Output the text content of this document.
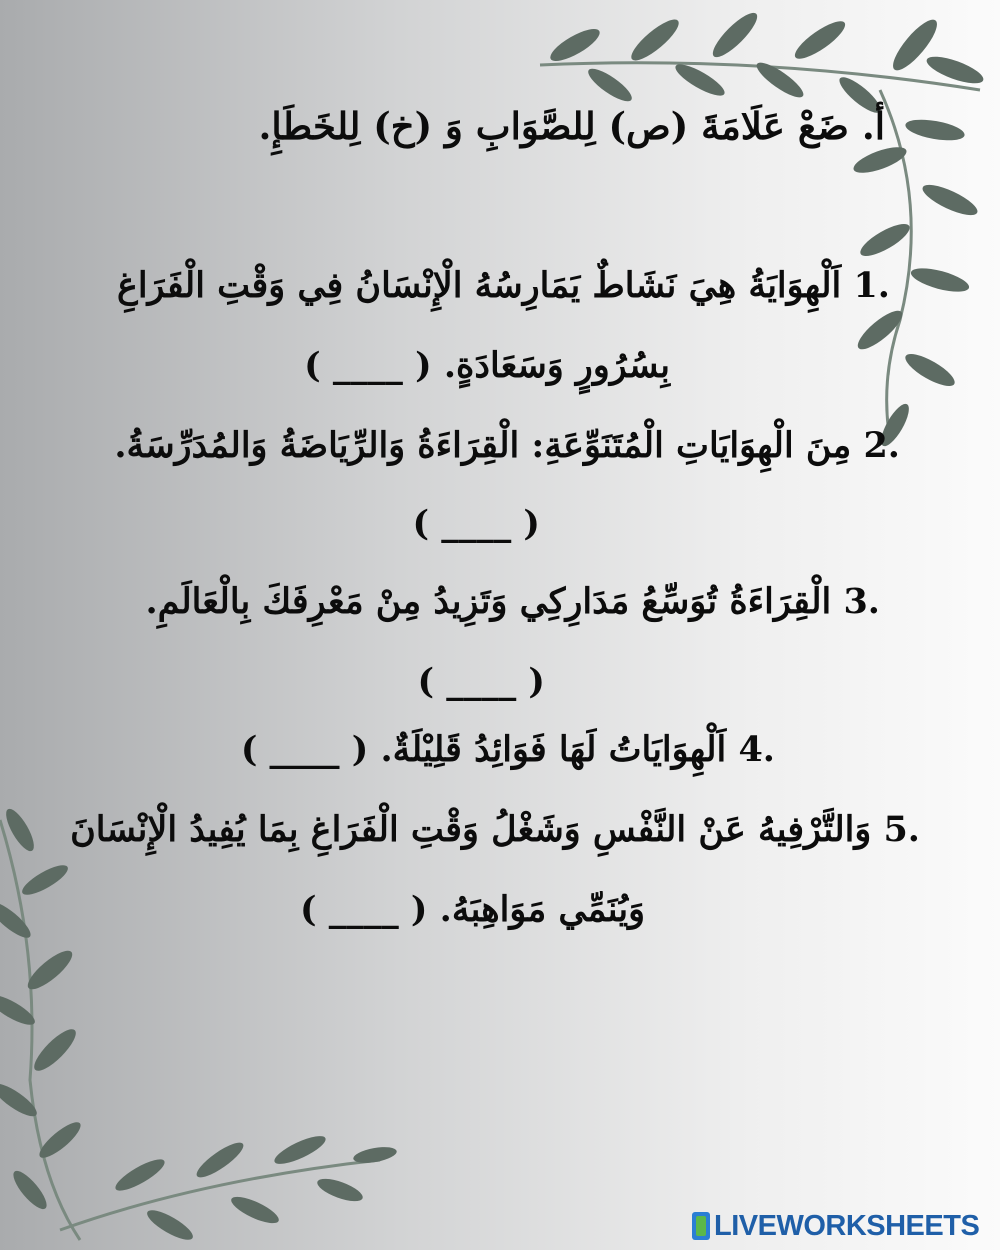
أ. ضَعْ عَلَامَةَ (ص) لِلصَّوَابِ وَ (خ) لِلخَطَإِ.
1. اَلْهِوَايَةُ هِيَ نَشَاطٌ يَمَارِسُهُ الْإِنْسَانُ فِي وَقْتِ الْفَرَاغِ
بِسُرُورٍ وَسَعَادَةٍ. ( ____ )
2. مِنَ الْهِوَايَاتِ الْمُتَنَوِّعَةِ: الْقِرَاءَةُ وَالرِّيَاضَةُ وَالمُدَرِّسَةُ.
( ____ )
3. الْقِرَاءَةُ تُوَسِّعُ مَدَارِكِي وَتَزِيدُ مِنْ مَعْرِفَكَ بِالْعَالَمِ.
( ____ )
4. اَلْهِوَايَاتُ لَهَا فَوَائِدُ قَلِيْلَةٌ. ( ____ )
5. وَالتَّرْفِيهُ عَنْ النَّفْسِ وَشَغْلُ وَقْتِ الْفَرَاغِ بِمَا يُفِيدُ الْإِنْسَانَ
وَيُنَمِّي مَوَاهِبَهُ. ( ____ )
LIVEWORKSHEETS
